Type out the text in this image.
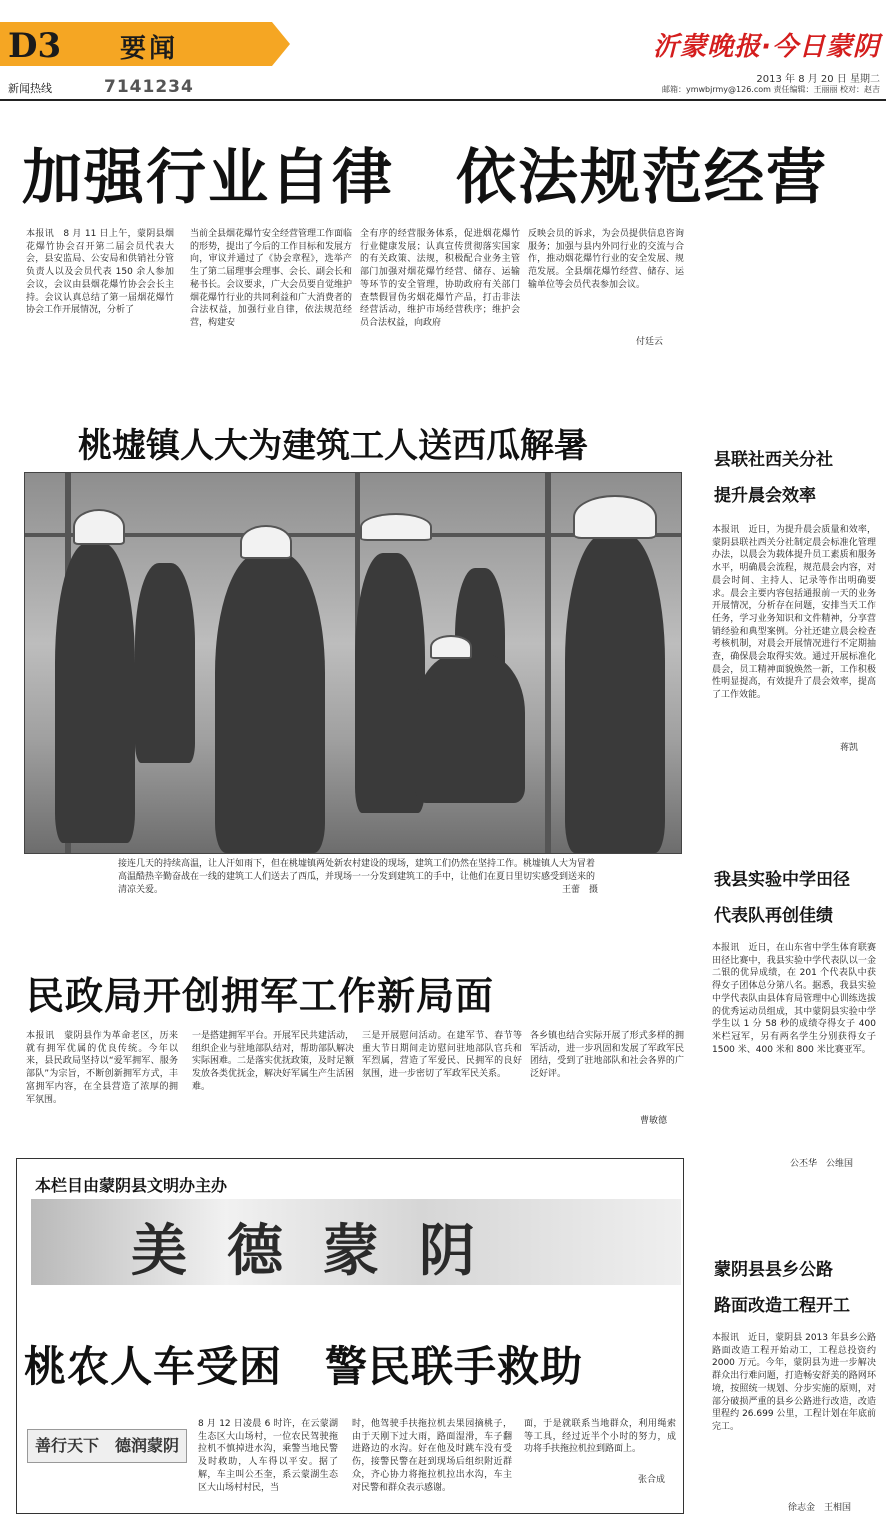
D3 要闻	沂蒙晚报·今日蒙阴
新闻热线	7141234	2013 年 8 月 20 日 星期二
邮箱：ymwbjrmy@126.com 责任编辑：王丽丽 校对：赵吉
加强行业自律　依法规范经营
本报讯　8 月 11 日上午，蒙阴县烟花爆竹协会召开第二届会员代表大会，县安监局、公安局和供销社分管负责人以及会员代表 150 余人参加会议，会议由县烟花爆竹协会会长主持。会议认真总结了第一届烟花爆竹协会工作开展情况，分析了
当前全县烟花爆竹安全经营管理工作面临的形势，提出了今后的工作目标和发展方向，审议并通过了《协会章程》，选举产生了第二届理事会理事、会长、副会长和秘书长。会议要求，广大会员要自觉维护烟花爆竹行业的共同利益和广大消费者的合法权益，加强行业自律，依法规范经营，构建安
全有序的经营服务体系，促进烟花爆竹行业健康发展；认真宣传贯彻落实国家的有关政策、法规，积极配合业务主管部门加强对烟花爆竹经营、储存、运输等环节的安全管理，协助政府有关部门查禁假冒伪劣烟花爆竹产品，打击非法经营活动，维护市场经营秩序；维护会员合法权益，向政府
反映会员的诉求，为会员提供信息咨询服务；加强与县内外同行业的交流与合作，推动烟花爆竹行业的安全发展、规范发展。全县烟花爆竹经营、储存、运输单位等会员代表参加会议。
付廷云
桃墟镇人大为建筑工人送西瓜解暑
接连几天的持续高温，让人汗如雨下，但在桃墟镇两处新农村建设的现场，建筑工们仍然在坚持工作。桃墟镇人大为冒着高温酷热辛勤奋战在一线的建筑工人们送去了西瓜，并现场一一分发到建筑工的手中，让他们在夏日里切实感受到送来的清凉关爱。	王蕾　摄
民政局开创拥军工作新局面
本报讯　蒙阴县作为革命老区，历来就有拥军优属的优良传统。今年以来，县民政局坚持以“爱军拥军、服务部队”为宗旨，不断创新拥军方式，丰富拥军内容，在全县营造了浓厚的拥军氛围。
一是搭建拥军平台。开展军民共建活动，组织企业与驻地部队结对，帮助部队解决实际困难。二是落实优抚政策，及时足额发放各类优抚金，解决好军属生产生活困难。
三是开展慰问活动。在建军节、春节等重大节日期间走访慰问驻地部队官兵和军烈属，营造了军爱民、民拥军的良好氛围，进一步密切了军政军民关系。
各乡镇也结合实际开展了形式多样的拥军活动，进一步巩固和发展了军政军民团结，受到了驻地部队和社会各界的广泛好评。
曹敏德
县联社西关分社
提升晨会效率
本报讯　近日，为提升晨会质量和效率，蒙阴县联社西关分社制定晨会标准化管理办法，以晨会为载体提升员工素质和服务水平，明确晨会流程，规范晨会内容，对晨会时间、主持人、记录等作出明确要求。晨会主要内容包括通报前一天的业务开展情况，分析存在问题，安排当天工作任务，学习业务知识和文件精神，分享营销经验和典型案例。分社还建立晨会检查考核机制，对晨会开展情况进行不定期抽查，确保晨会取得实效。通过开展标准化晨会，员工精神面貌焕然一新，工作积极性明显提高，有效提升了晨会效率，提高了工作效能。
蒋凯
我县实验中学田径
代表队再创佳绩
本报讯　近日，在山东省中学生体育联赛田径比赛中，我县实验中学代表队以一金二银的优异成绩，在 201 个代表队中获得女子团体总分第八名。据悉，我县实验中学代表队由县体育局管理中心训练选拔的优秀运动员组成，其中蒙阴县实验中学学生以 1 分 58 秒的成绩夺得女子 400 米栏冠军，另有两名学生分别获得女子 1500 米、400 米和 800 米比赛亚军。
公丕华　公维国
蒙阴县县乡公路
路面改造工程开工
本报讯　近日，蒙阴县 2013 年县乡公路路面改造工程开始动工，工程总投资约 2000 万元。今年，蒙阴县为进一步解决群众出行难问题，打造畅安舒美的路网环境，按照统一规划、分步实施的原则，对部分破损严重的县乡公路进行改造，改造里程约 26.699 公里，工程计划在年底前完工。
徐志金　王相国
本栏目由蒙阴县文明办主办
美德蒙阴
善行天下　德润蒙阴
桃农人车受困　警民联手救助
8 月 12 日凌晨 6 时许，在云蒙湖生态区大山场村，一位农民驾驶拖拉机不慎掉进水沟，乘警当地民警及时救助，人车得以平安。据了解，车主叫公丕奎，系云蒙湖生态区大山场村村民，当
时，他驾驶手扶拖拉机去果园摘桃子，由于天刚下过大雨，路面湿滑，车子翻进路边的水沟。好在他及时跳车没有受伤，接警民警在赶到现场后组织附近群众，齐心协力将拖拉机拉出水沟，车主对民警和群众表示感谢。
面，于是就联系当地群众，利用绳索等工具，经过近半个小时的努力，成功将手扶拖拉机拉到路面上。
张合成
